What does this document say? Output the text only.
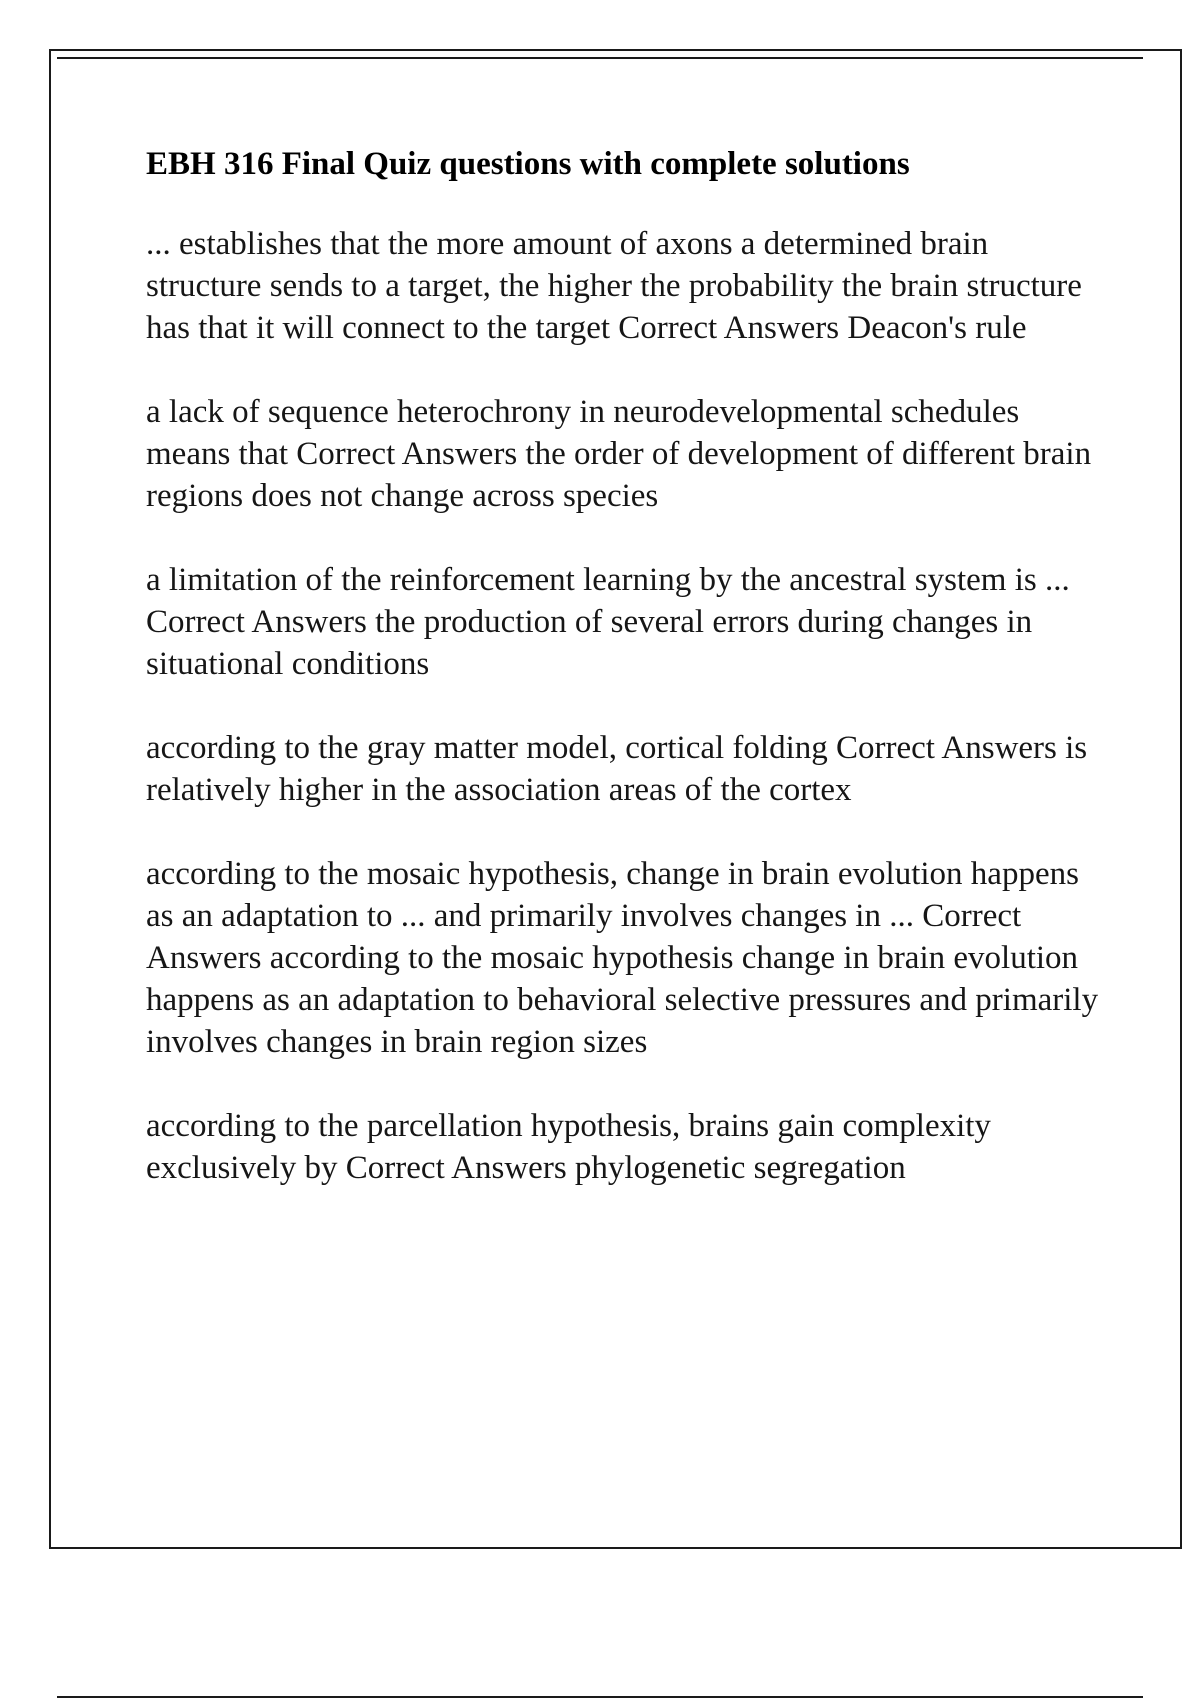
EBH 316 Final Quiz questions with complete solutions

... establishes that the more amount of axons a determined brain structure sends to a target, the higher the probability the brain structure has that it will connect to the target Correct Answers Deacon's rule

a lack of sequence heterochrony in neurodevelopmental schedules means that Correct Answers the order of development of different brain regions does not change across species

a limitation of the reinforcement learning by the ancestral system is ... Correct Answers the production of several errors during changes in situational conditions

according to the gray matter model, cortical folding Correct Answers is relatively higher in the association areas of the cortex

according to the mosaic hypothesis, change in brain evolution happens as an adaptation to ... and primarily involves changes in ... Correct Answers according to the mosaic hypothesis change in brain evolution happens as an adaptation to behavioral selective pressures and primarily involves changes in brain region sizes

according to the parcellation hypothesis, brains gain complexity exclusively by Correct Answers phylogenetic segregation
